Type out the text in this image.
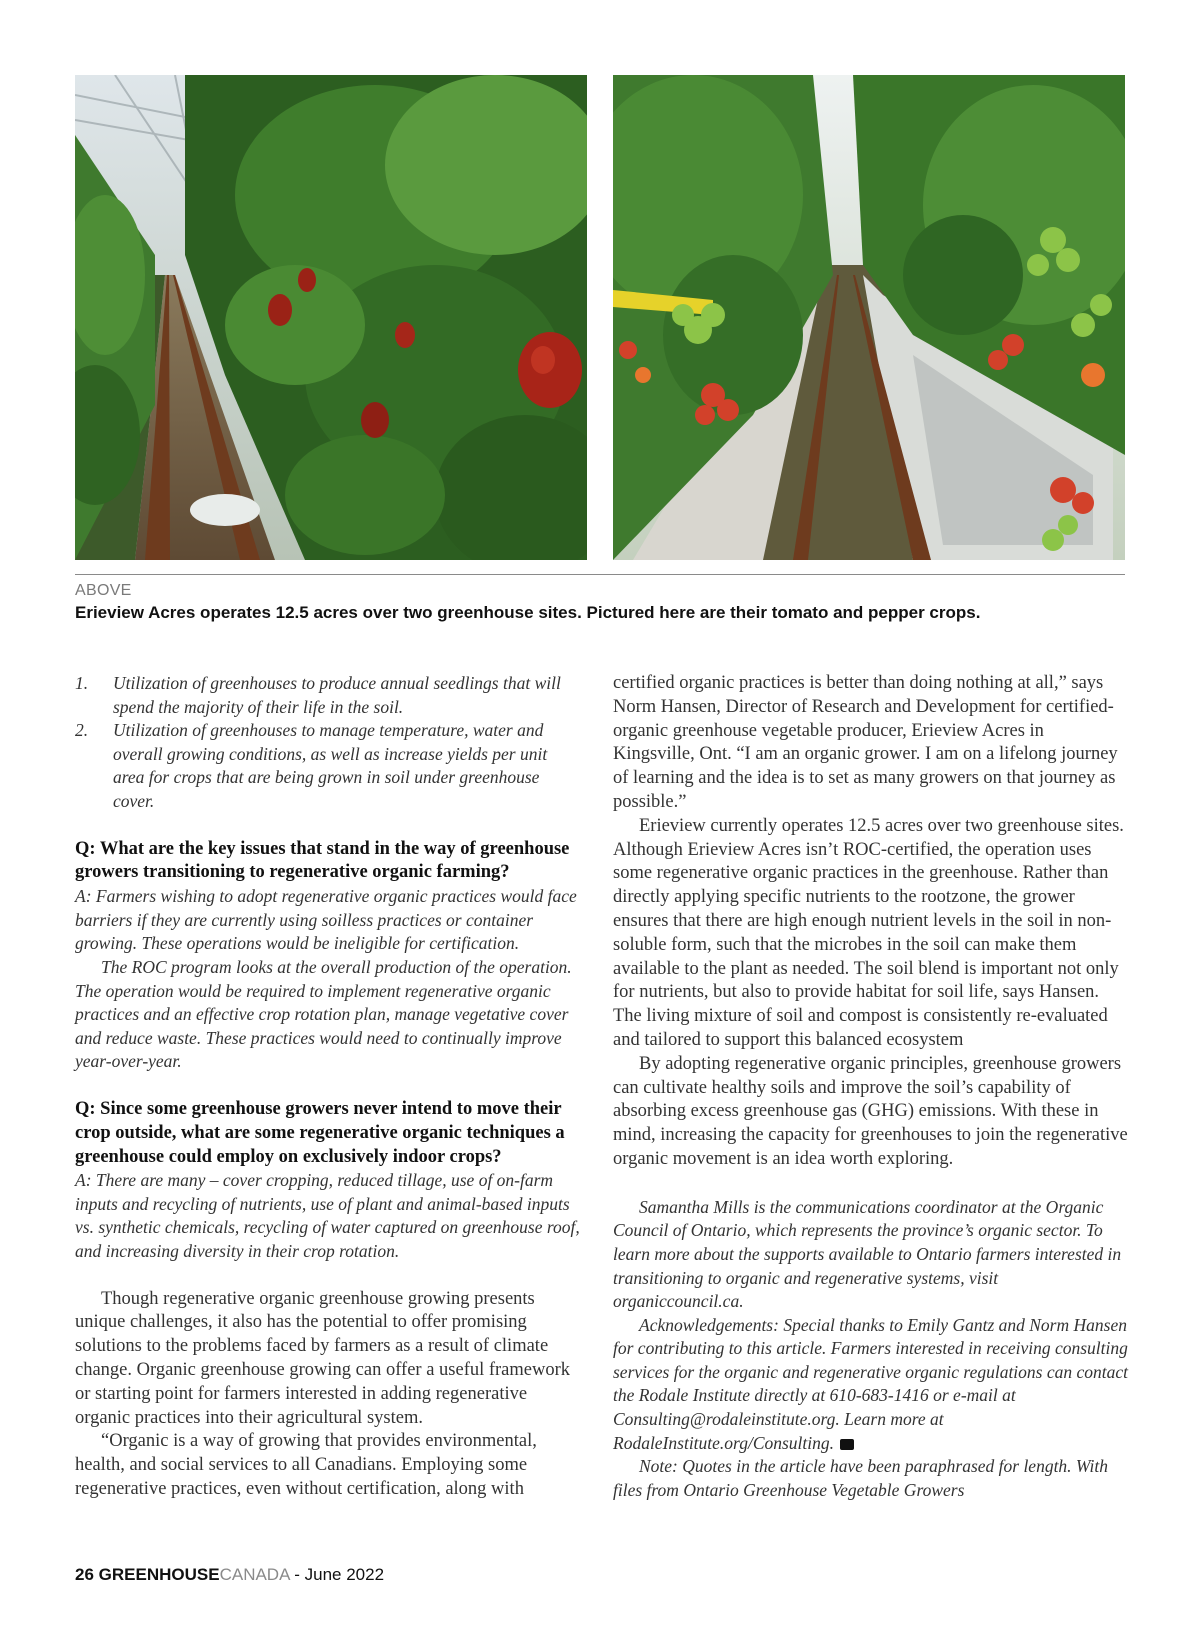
ABOVE
Erieview Acres operates 12.5 acres over two greenhouse sites. Pictured here are their tomato and pepper crops.
1. Utilization of greenhouses to produce annual seedlings that will spend the majority of their life in the soil.
2. Utilization of greenhouses to manage temperature, water and overall growing conditions, as well as increase yields per unit area for crops that are being grown in soil under greenhouse cover.

Q: What are the key issues that stand in the way of greenhouse growers transitioning to regenerative organic farming?

A: Farmers wishing to adopt regenerative organic practices would face barriers if they are currently using soilless practices or container growing. These operations would be ineligible for certification.

The ROC program looks at the overall production of the operation. The operation would be required to implement regenerative organic practices and an effective crop rotation plan, manage vegetative cover and reduce waste. These practices would need to continually improve year-over-year.

Q: Since some greenhouse growers never intend to move their crop outside, what are some regenerative organic techniques a greenhouse could employ on exclusively indoor crops?

A: There are many – cover cropping, reduced tillage, use of on-farm inputs and recycling of nutrients, use of plant and animal-based inputs vs. synthetic chemicals, recycling of water captured on greenhouse roof, and increasing diversity in their crop rotation.

Though regenerative organic greenhouse growing presents unique challenges, it also has the potential to offer promising solutions to the problems faced by farmers as a result of climate change. Organic greenhouse growing can offer a useful framework or starting point for farmers interested in adding regenerative organic practices into their agricultural system.

“Organic is a way of growing that provides environmental, health, and social services to all Canadians. Employing some regenerative practices, even without certification, along with

certified organic practices is better than doing nothing at all,” says Norm Hansen, Director of Research and Development for certified-organic greenhouse vegetable producer, Erieview Acres in Kingsville, Ont. “I am an organic grower. I am on a lifelong journey of learning and the idea is to set as many growers on that journey as possible.”

Erieview currently operates 12.5 acres over two greenhouse sites. Although Erieview Acres isn’t ROC-certified, the operation uses some regenerative organic practices in the greenhouse. Rather than directly applying specific nutrients to the rootzone, the grower ensures that there are high enough nutrient levels in the soil in non-soluble form, such that the microbes in the soil can make them available to the plant as needed. The soil blend is important not only for nutrients, but also to provide habitat for soil life, says Hansen. The living mixture of soil and compost is consistently re-evaluated and tailored to support this balanced ecosystem

By adopting regenerative organic principles, greenhouse growers can cultivate healthy soils and improve the soil’s capability of absorbing excess greenhouse gas (GHG) emissions. With these in mind, increasing the capacity for greenhouses to join the regenerative organic movement is an idea worth exploring.

Samantha Mills is the communications coordinator at the Organic Council of Ontario, which represents the province’s organic sector. To learn more about the supports available to Ontario farmers interested in transitioning to organic and regenerative systems, visit organiccouncil.ca.

Acknowledgements: Special thanks to Emily Gantz and Norm Hansen for contributing to this article. Farmers interested in receiving consulting services for the organic and regenerative organic regulations can contact the Rodale Institute directly at 610-683-1416 or e-mail at Consulting@rodaleinstitute.org. Learn more at RodaleInstitute.org/Consulting.	GC

Note: Quotes in the article have been paraphrased for length. With files from Ontario Greenhouse Vegetable Growers

26 GREENHOUSECANADA - June 2022
